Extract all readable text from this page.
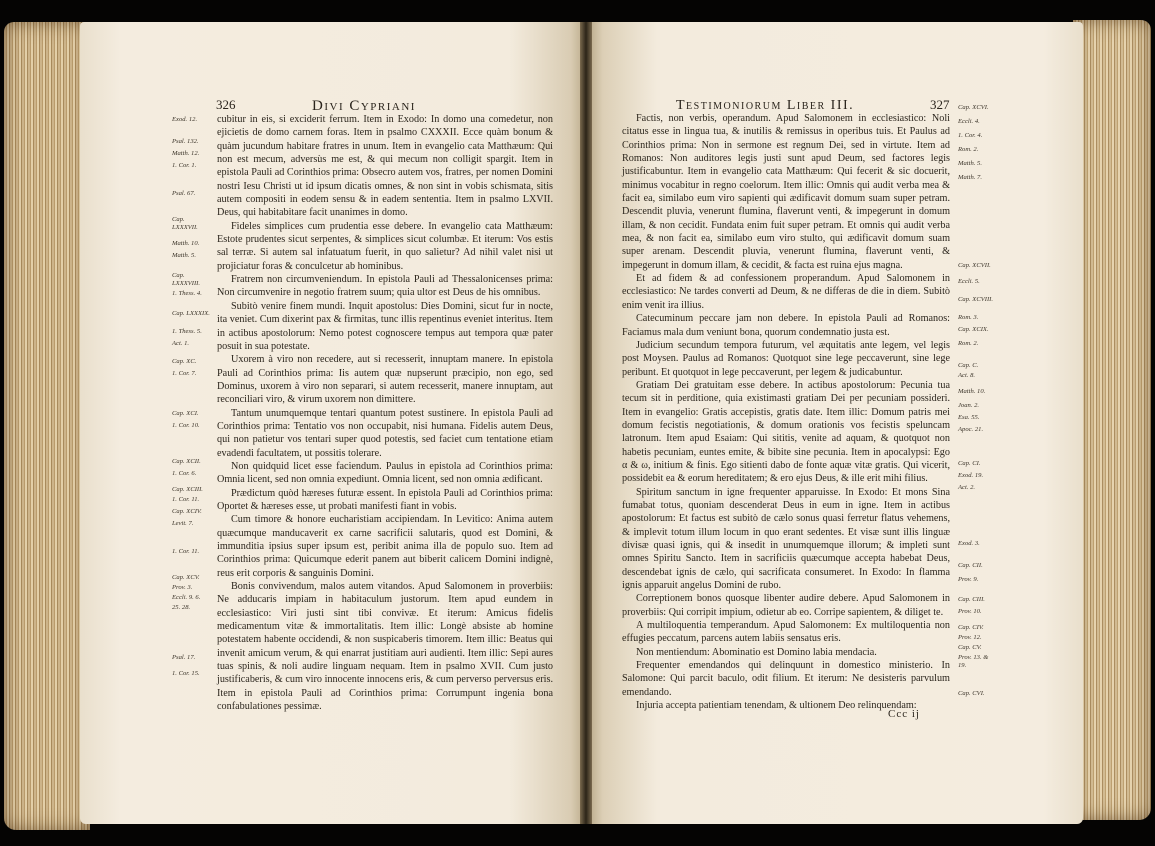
326	Divi Cypriani	Testimoniorum Liber III.	327

cubitur in eis, si exciderit ferrum. Item in Exodo: In domo una comedetur, non ejicietis de domo carnem foras. Item in psalmo CXXXII. Ecce quàm bonum & quàm jucundum habitare fratres in unum. Item in evangelio cata Matthæum: Qui non est mecum, adversùs me est, & qui mecum non colligit spargit. Item in epistola Pauli ad Corinthios prima: Obsecro autem vos, fratres, per nomen Domini nostri Iesu Christi ut id ipsum dicatis omnes, & non sint in vobis schismata, sitis autem compositi in eodem sensu & in eadem sententia. Item in psalmo LXVII. Deus, qui habitabitare facit unanimes in domo.

Fideles simplices cum prudentia esse debere. In evangelio cata Matthæum: Estote prudentes sicut serpentes, & simplices sicut columbæ. Et iterum: Vos estis sal terræ. Si autem sal infatuatum fuerit, in quo salietur? Ad nihil valet nisi ut projiciatur foras & conculcetur ab hominibus.

Fratrem non circumveniendum. In epistola Pauli ad Thessalonicenses prima: Non circumvenire in negotio fratrem suum; quia ultor est Deus de his omnibus.

Subitò venire finem mundi. Inquit apostolus: Dies Domini, sicut fur in nocte, ita veniet. Cum dixerint pax & firmitas, tunc illis repentinus eveniet interitus. Item in actibus apostolorum: Nemo potest cognoscere tempus aut tempora quæ pater posuit in sua potestate.

Uxorem à viro non recedere, aut si recesserit, innuptam manere. In epistola Pauli ad Corinthios prima: Iis autem quæ nupserunt præcipio, non ego, sed Dominus, uxorem à viro non separari, si autem recesserit, manere innuptam, aut reconciliari viro, & virum uxorem non dimittere.

Tantum unumquemque tentari quantum potest sustinere. In epistola Pauli ad Corinthios prima: Tentatio vos non occupabit, nisi humana. Fidelis autem Deus, qui non patietur vos tentari super quod potestis, sed faciet cum tentatione etiam evadendi facultatem, ut possitis tolerare.

Non quidquid licet esse faciendum. Paulus in epistola ad Corinthios prima: Omnia licent, sed non omnia expediunt. Omnia licent, sed non omnia ædificant.

Prædictum quòd hæreses futuræ essent. In epistola Pauli ad Corinthios prima: Oportet & hæreses esse, ut probati manifesti fiant in vobis.

Cum timore & honore eucharistiam accipiendam. In Levitico: Anima autem quæcumque manducaverit ex carne sacrificii salutaris, quod est Domini, & immunditia ipsius super ipsum est, peribit anima illa de populo suo. Item ad Corinthios prima: Quicumque ederit panem aut biberit calicem Domini indignè, reus erit corporis & sanguinis Domini.

Bonis convivendum, malos autem vitandos. Apud Salomonem in proverbiis: Ne adducaris impiam in habitaculum justorum. Item apud eundem in ecclesiastico: Viri justi sint tibi convivæ. Et iterum: Amicus fidelis medicamentum vitæ & immortalitatis. Item illic: Longè absiste ab homine potestatem habente occidendi, & non suspicaberis timorem. Item illic: Beatus qui invenit amicum verum, & qui enarrat justitiam auri audienti. Item illic: Sepi aures tuas spinis, & noli audire linguam nequam. Item in psalmo XVII. Cum justo justificaberis, & cum viro innocente innocens eris, & cum perverso perversus eris. Item in epistola Pauli ad Corinthios prima: Corrumpunt ingenia bona confabulationes pessimæ.

Factis, non verbis, operandum. Apud Salomonem in ecclesiastico: Noli citatus esse in lingua tua, & inutilis & remissus in operibus tuis. Et Paulus ad Corinthios prima: Non in sermone est regnum Dei, sed in virtute. Item ad Romanos: Non auditores legis justi sunt apud Deum, sed factores legis justificabuntur. Item in evangelio cata Matthæum: Qui fecerit & sic docuerit, minimus vocabitur in regno coelorum. Item illic: Omnis qui audit verba mea & facit ea, similabo eum viro sapienti qui ædificavit domum suam super petram. Descendit pluvia, venerunt flumina, flaverunt venti, & impegerunt in domum illam, & non cecidit. Fundata enim fuit super petram. Et omnis qui audit verba mea, & non facit ea, similabo eum viro stulto, qui ædificavit domum suam super arenam. Descendit pluvia, venerunt flumina, flaverunt venti, & impegerunt in domum illam, & cecidit, & facta est ruina ejus magna.

Et ad fidem & ad confessionem properandum. Apud Salomonem in ecclesiastico: Ne tardes converti ad Deum, & ne differas de die in diem. Subitò enim venit ira illius.

Catecuminum peccare jam non debere. In epistola Pauli ad Romanos: Faciamus mala dum veniunt bona, quorum condemnatio justa est.

Judicium secundum tempora futurum, vel æquitatis ante legem, vel legis post Moysen. Paulus ad Romanos: Quotquot sine lege peccaverunt, sine lege peribunt. Et quotquot in lege peccaverunt, per legem & judicabuntur.

Gratiam Dei gratuitam esse debere. In actibus apostolorum: Pecunia tua tecum sit in perditione, quia existimasti gratiam Dei per pecuniam possideri. Item in evangelio: Gratis accepistis, gratis date. Item illic: Domum patris mei domum fecistis negotiationis, & domum orationis vos fecistis speluncam latronum. Item apud Esaiam: Qui sititis, venite ad aquam, & quotquot non habetis pecuniam, euntes emite, & bibite sine pecunia. Item in apocalypsi: Ego α & ω, initium & finis. Ego sitienti dabo de fonte aquæ vitæ gratis. Qui vicerit, possidebit ea & eorum hereditatem; & ero ejus Deus, & ille erit mihi filius.

Spiritum sanctum in igne frequenter apparuisse. In Exodo: Et mons Sina fumabat totus, quoniam descenderat Deus in eum in igne. Item in actibus apostolorum: Et factus est subitò de cælo sonus quasi ferretur flatus vehemens, & implevit totum illum locum in quo erant sedentes. Et visæ sunt illis linguæ divisæ quasi ignis, qui & insedit in unumquemque illorum; & impleti sunt omnes Spiritu Sancto. Item in sacrificiis quæcumque accepta habebat Deus, descendebat ignis de cælo, qui sacrificata consumeret. In Exodo: In flamma ignis apparuit angelus Domini de rubo.

Correptionem bonos quosque libenter audire debere. Apud Salomonem in proverbiis: Qui corripit impium, odietur ab eo. Corripe sapientem, & diliget te.

A multiloquentia temperandum. Apud Salomonem: Ex multiloquentia non effugies peccatum, parcens autem labiis sensatus eris.

Non mentiendum: Abominatio est Domino labia mendacia.

Frequenter emendandos qui delinquunt in domestico ministerio. In Salomone: Qui parcit baculo, odit filium. Et iterum: Ne desisteris parvulum emendando.

Injuria accepta patientiam tenendam, & ultionem Deo relinquendam:

Exod. 12.
Psal. 132.
Matth. 12.
1. Cor. 1.
Psal. 67.
Cap. LXXXVII.
Matth. 10.
Matth. 5.
Cap. LXXXVIII.
1. Thess. 4.
Cap. LXXXIX.
1. Thess. 5.
Act. 1.
Cap. XC.
1. Cor. 7.
Cap. XCI.
1. Cor. 10.
Cap. XCII.
1. Cor. 6.
Cap. XCIII.
1. Cor. 11.
Cap. XCIV.
Levit. 7.
1. Cor. 11.
Cap. XCV.
Prov. 3.
Eccli. 9. 6.
25. 28.
Psal. 17.
1. Cor. 15.
Cap. XCVI.
Eccli. 4.
1. Cor. 4.
Rom. 2.
Matth. 5.
Matth. 7.
Cap. XCVII.
Eccli. 5.
Cap. XCVIII.
Rom. 3.
Cap. XCIX.
Rom. 2.
Cap. C.
Act. 8.
Matth. 10.
Joan. 2.
Esa. 55.
Apoc. 21.
Cap. CI.
Exod. 19.
Act. 2.
Exod. 3.
Cap. CII.
Prov. 9.
Cap. CIII.
Prov. 10.
Cap. CIV.
Prov. 12.
Cap. CV.
Prov. 13. & 19.
Cap. CVI.
Ccc ij
